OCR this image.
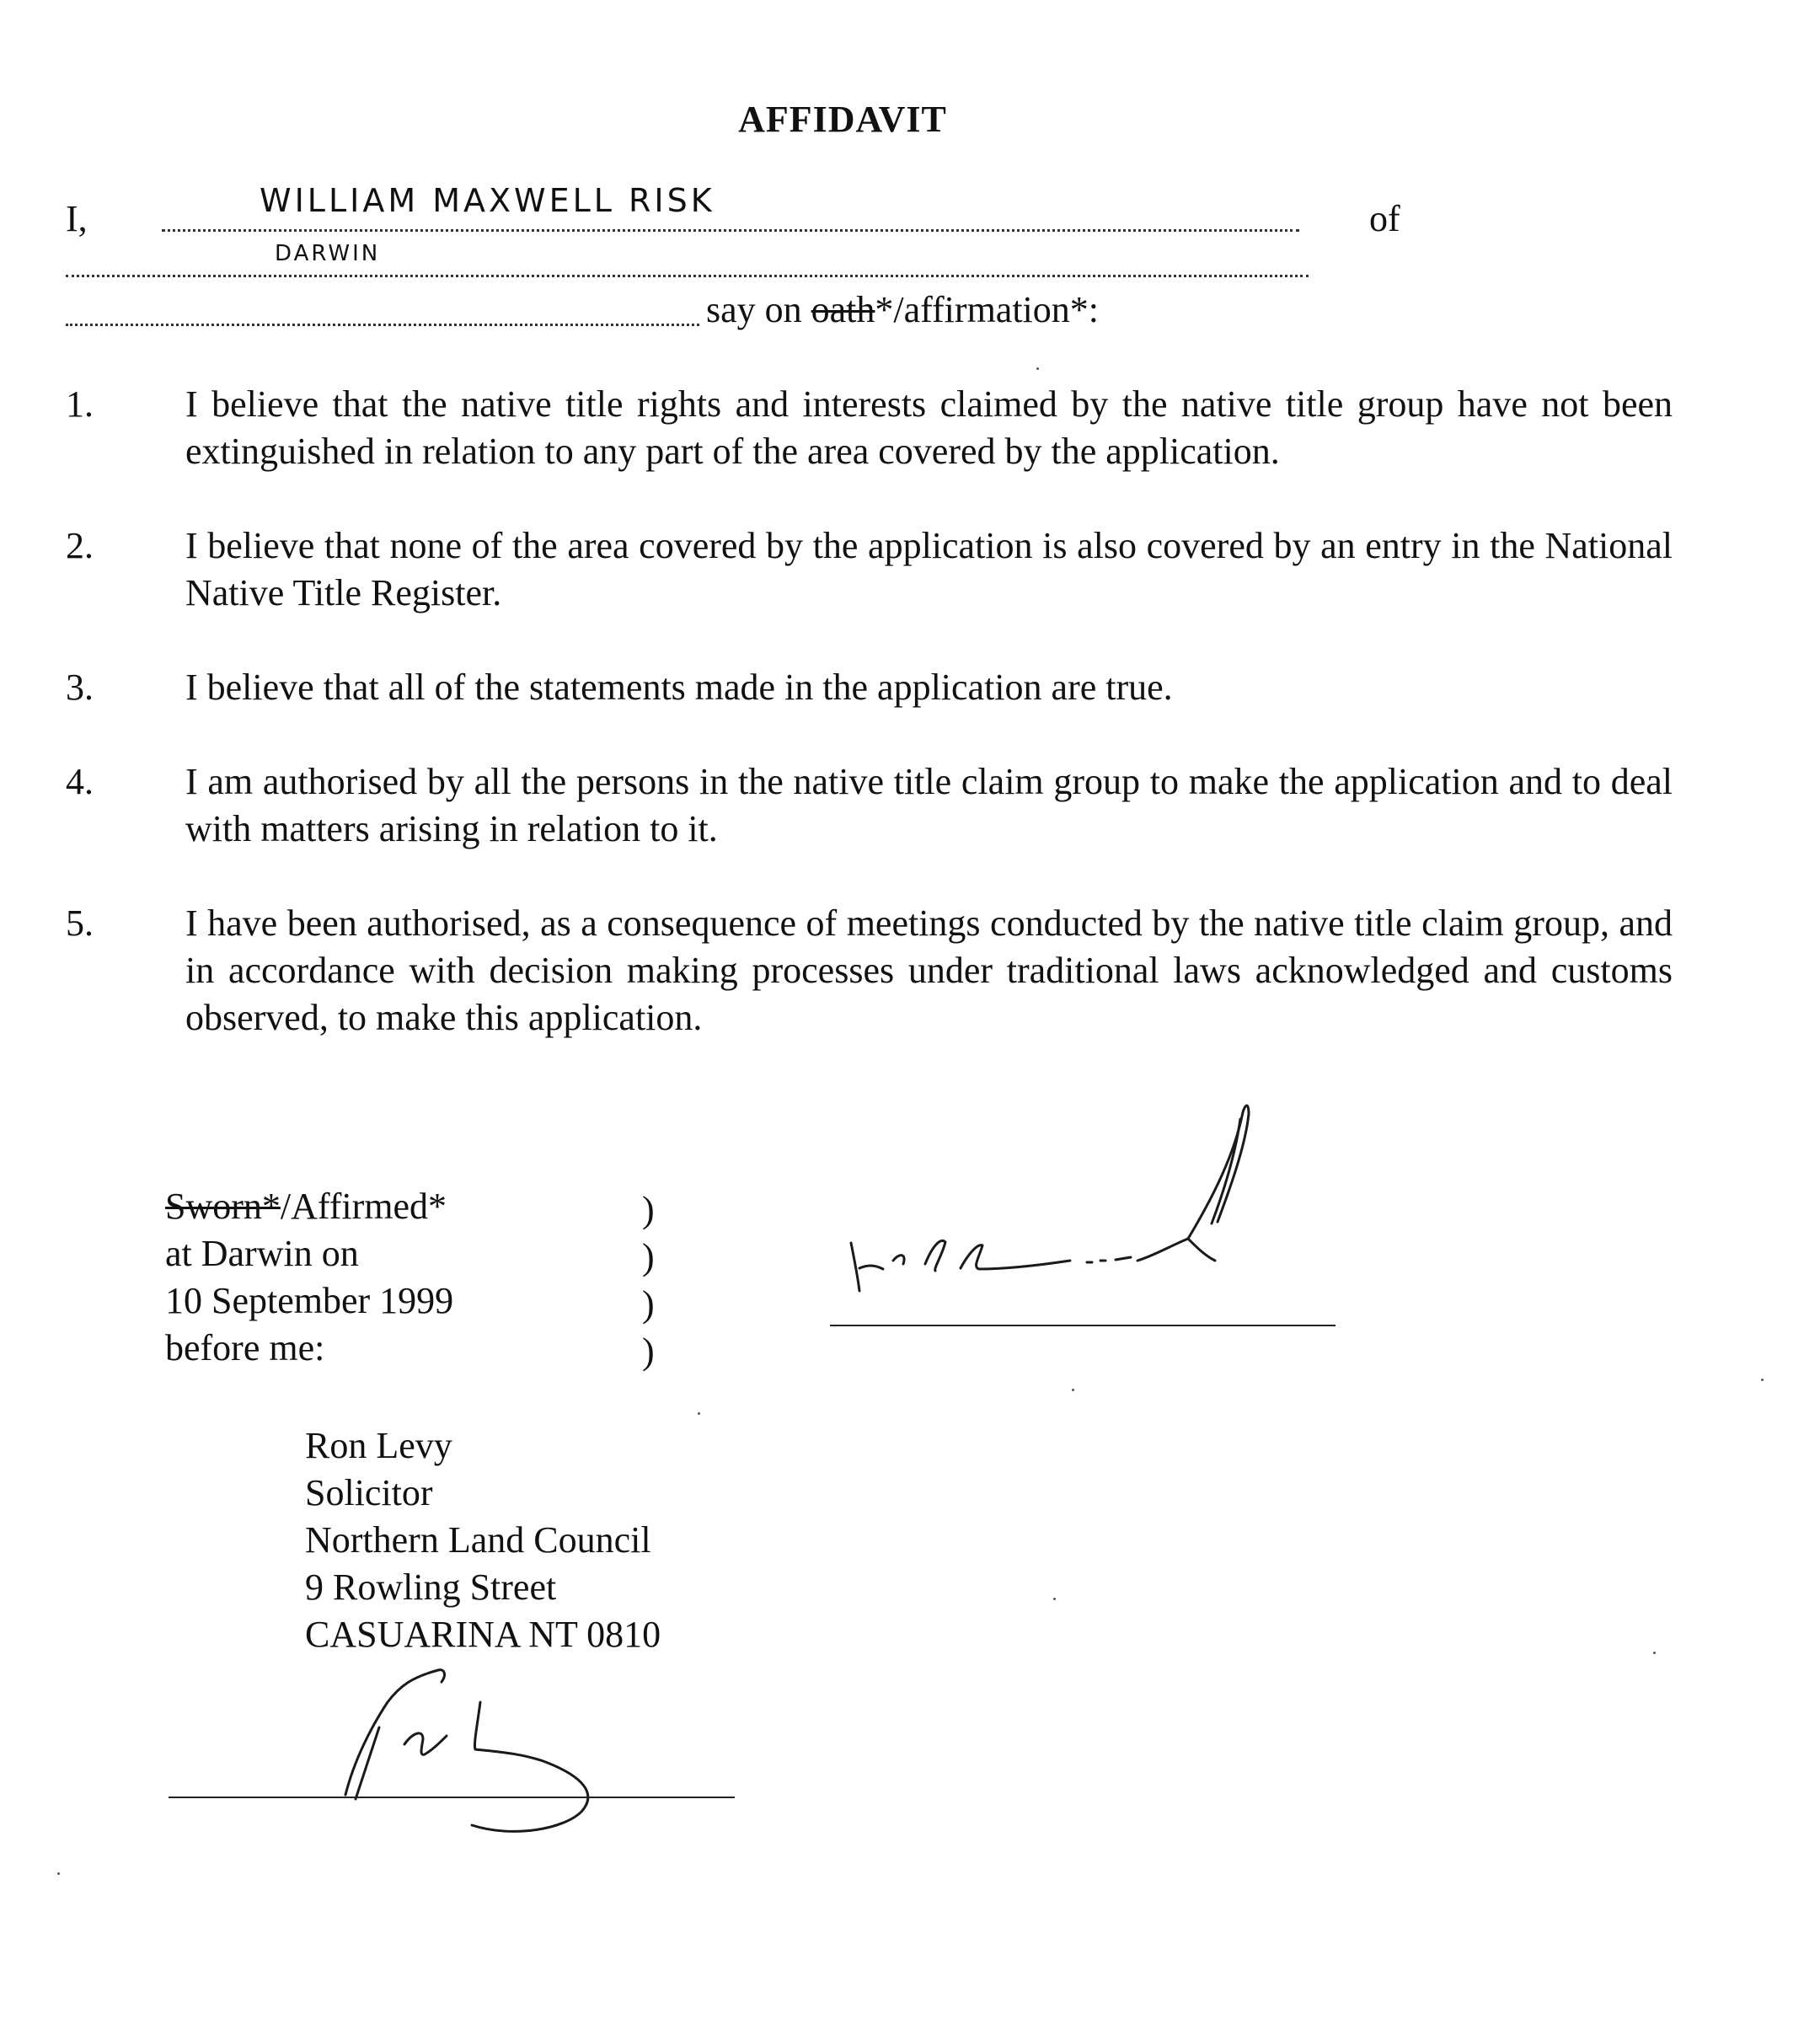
AFFIDAVIT
I,	WILLIAM MAXWELL RISK	of
DARWIN
say on oath*/affirmation*:
1. I believe that the native title rights and interests claimed by the native title group have not been extinguished in relation to any part of the area covered by the application.
2. I believe that none of the area covered by the application is also covered by an entry in the National Native Title Register.
3. I believe that all of the statements made in the application are true.
4. I am authorised by all the persons in the native title claim group to make the application and to deal with matters arising in relation to it.
5. I have been authorised, as a consequence of meetings conducted by the native title claim group, and in accordance with decision making processes under traditional laws acknowledged and customs observed, to make this application.
Sworn*/Affirmed*
at Darwin on
10 September 1999
before me:
)
)
)
)
Ron Levy
Solicitor
Northern Land Council
9 Rowling Street
CASUARINA NT 0810
